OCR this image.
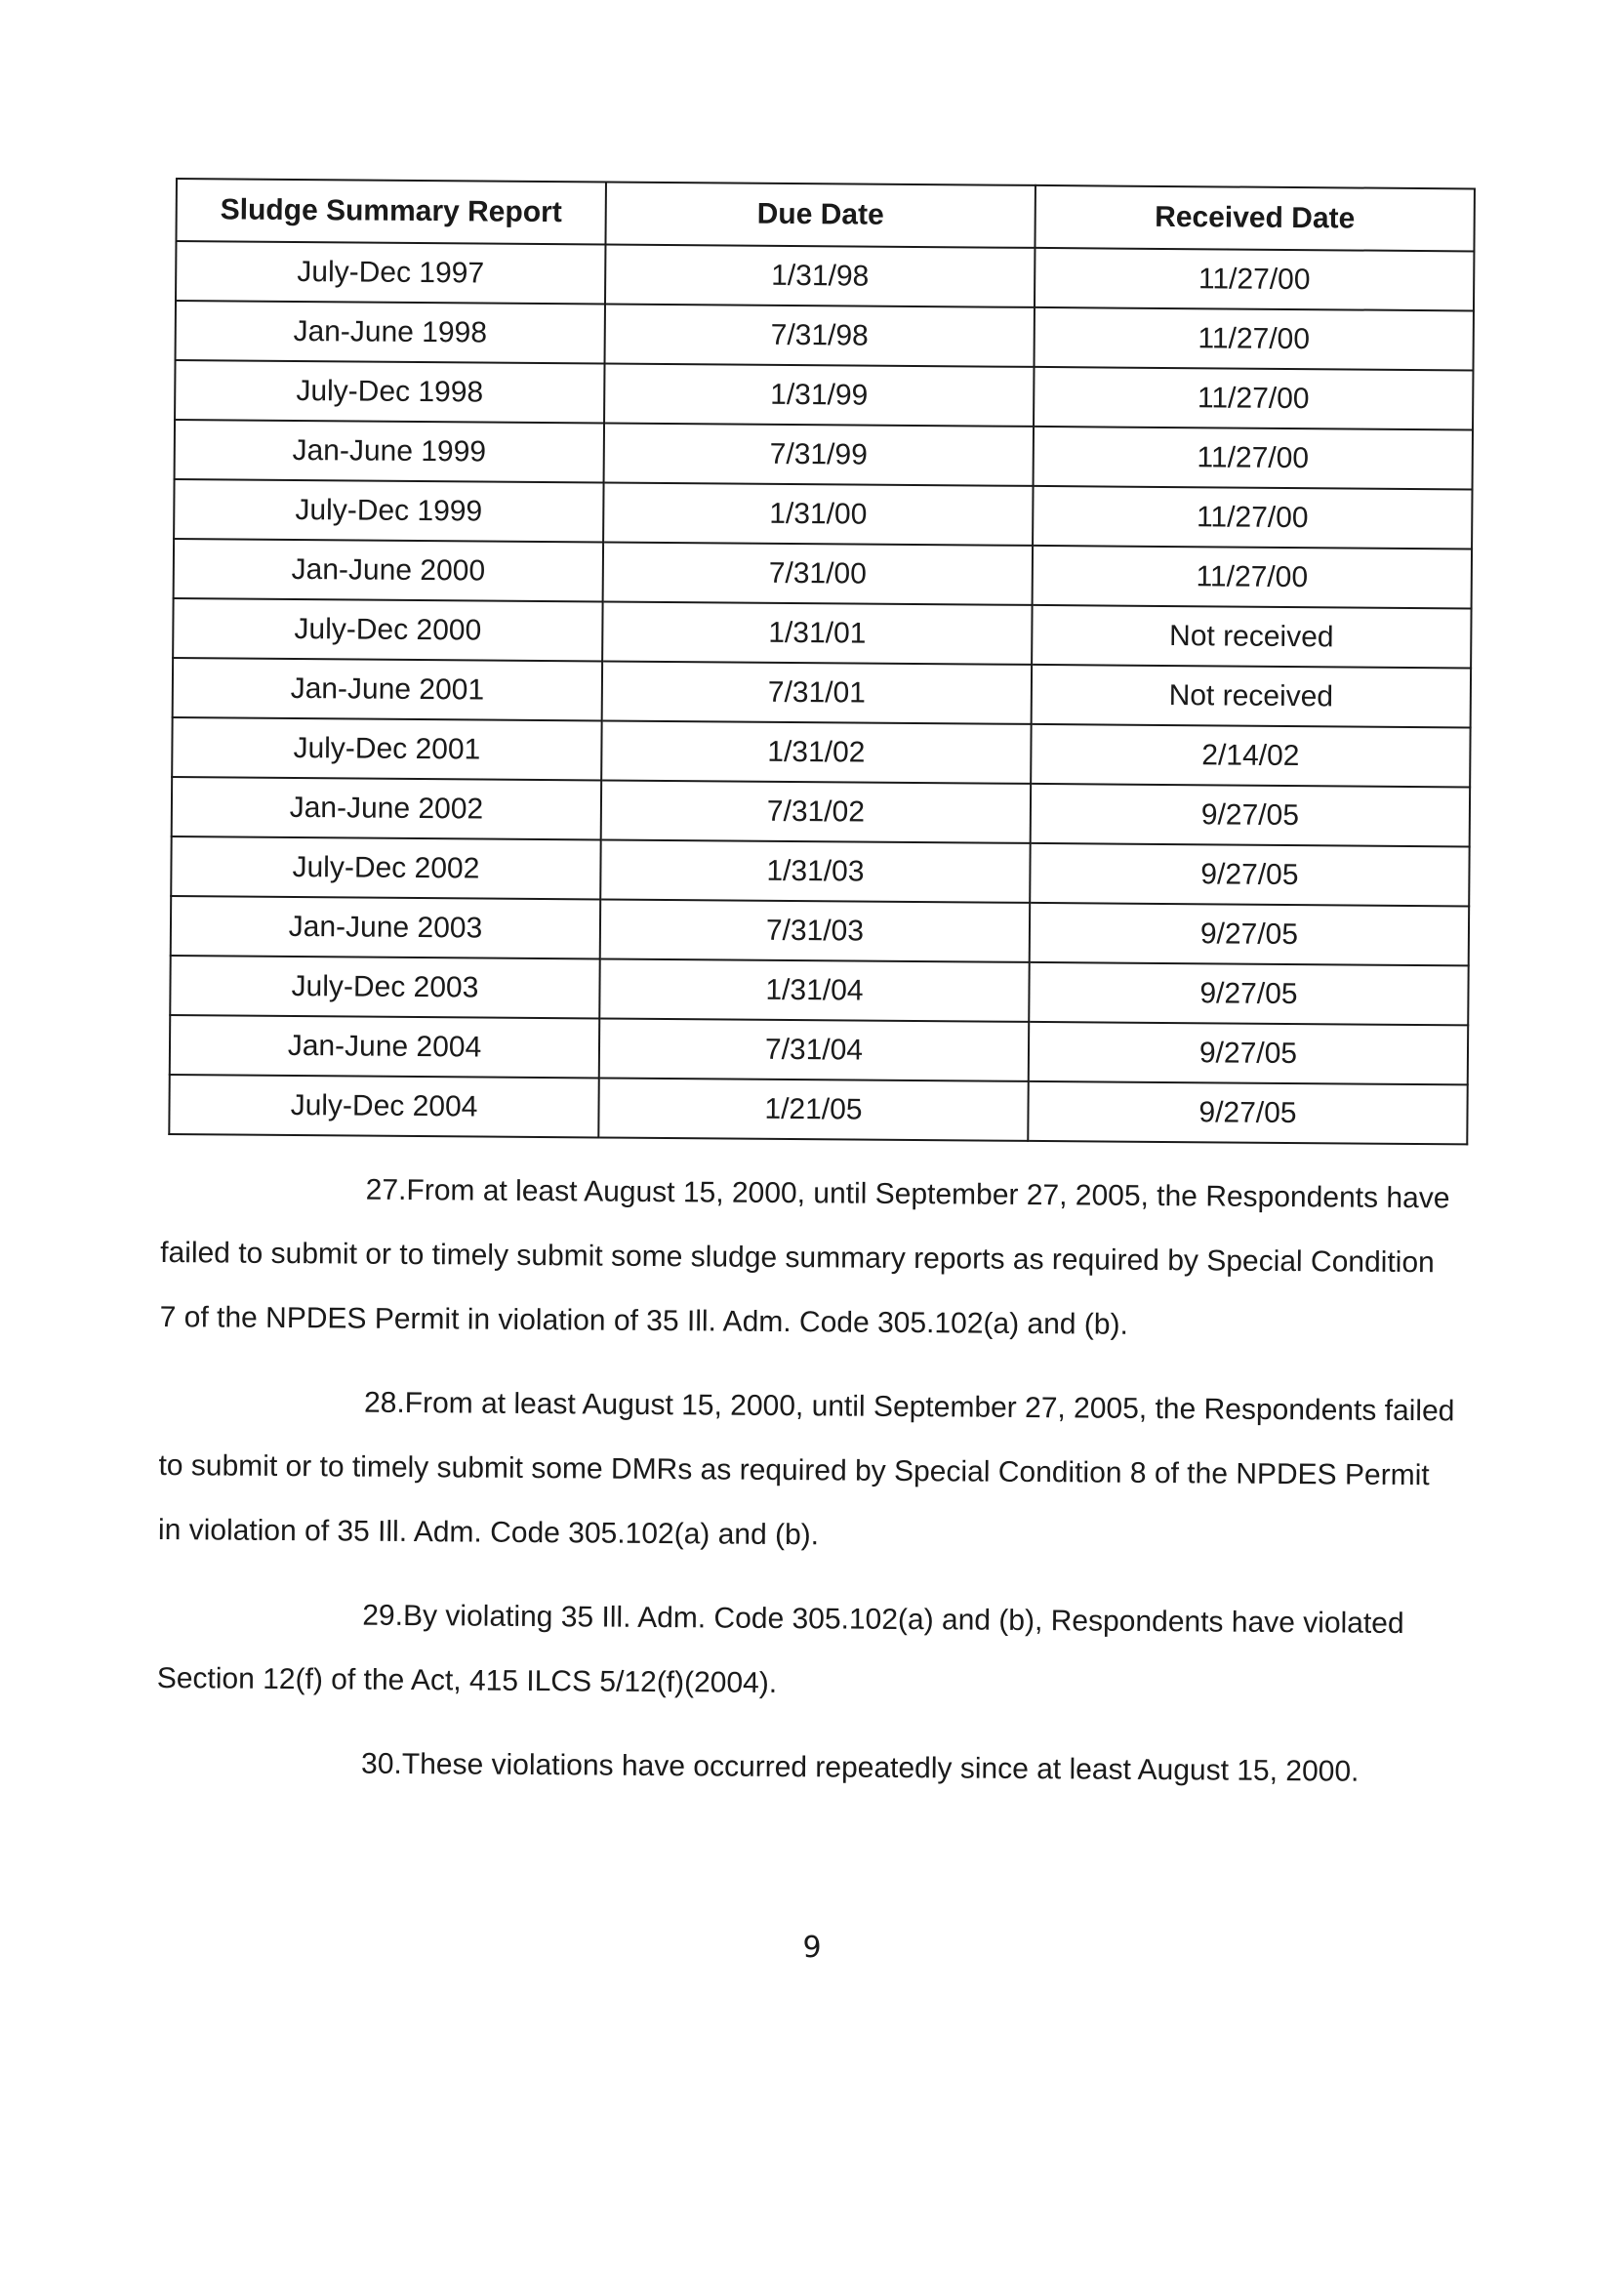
Sludge Summary Report	Due Date	Received Date
July-Dec 1997	1/31/98	11/27/00
Jan-June 1998	7/31/98	11/27/00
July-Dec 1998	1/31/99	11/27/00
Jan-June 1999	7/31/99	11/27/00
July-Dec 1999	1/31/00	11/27/00
Jan-June 2000	7/31/00	11/27/00
July-Dec 2000	1/31/01	Not received
Jan-June 2001	7/31/01	Not received
July-Dec 2001	1/31/02	2/14/02
Jan-June 2002	7/31/02	9/27/05
July-Dec 2002	1/31/03	9/27/05
Jan-June 2003	7/31/03	9/27/05
July-Dec 2003	1/31/04	9/27/05
Jan-June 2004	7/31/04	9/27/05
July-Dec 2004	1/21/05	9/27/05

27.From at least August 15, 2000, until September 27, 2005, the Respondents have failed to submit or to timely submit some sludge summary reports as required by Special Condition 7 of the NPDES Permit in violation of 35 Ill. Adm. Code 305.102(a) and (b).

28.From at least August 15, 2000, until September 27, 2005, the Respondents failed to submit or to timely submit some DMRs as required by Special Condition 8 of the NPDES Permit in violation of 35 Ill. Adm. Code 305.102(a) and (b).

29.By violating 35 Ill. Adm. Code 305.102(a) and (b), Respondents have violated Section 12(f) of the Act, 415 ILCS 5/12(f)(2004).

30.These violations have occurred repeatedly since at least August 15, 2000.

9
